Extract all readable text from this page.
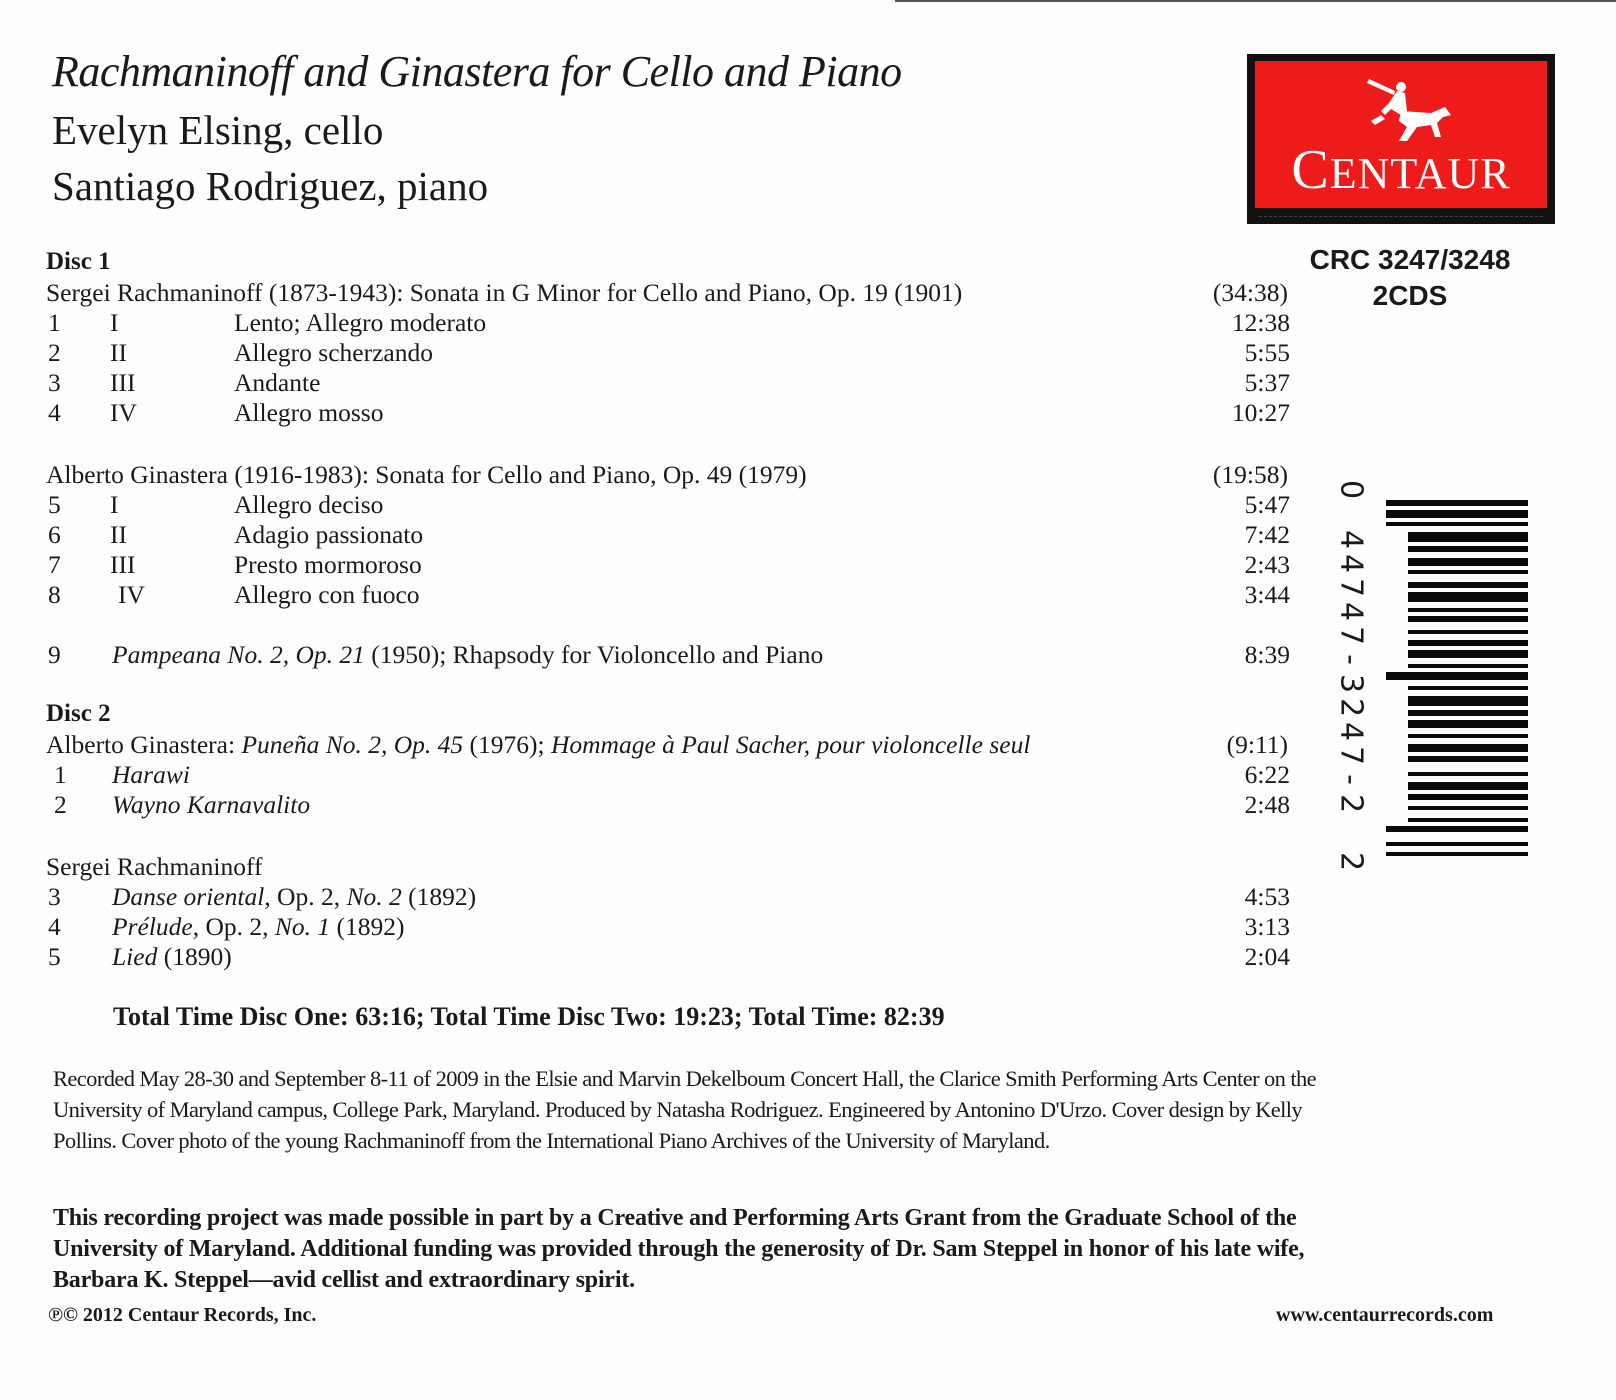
Rachmaninoff and Ginastera for Cello and Piano
Evelyn Elsing, cello
Santiago Rodriguez, piano	CENTAUR
CRC 3247/3248
2CDS
Disc 1
Sergei Rachmaninoff (1873-1943): Sonata in G Minor for Cello and Piano, Op. 19 (1901)	(34:38)
1 I	Lento; Allegro moderato	12:38
2 II	Allegro scherzando	5:55
3 III	Andante	5:37
4 IV	Allegro mosso	10:27
Alberto Ginastera (1916-1983): Sonata for Cello and Piano, Op. 49 (1979)	(19:58)
5 I	Allegro deciso	5:47
6 II	Adagio passionato	7:42
7 III	Presto mormoroso	2:43
8 IV	Allegro con fuoco	3:44
9 Pampeana No. 2, Op. 21 (1950); Rhapsody for Violoncello and Piano	8:39
Disc 2
Alberto Ginastera: Puneña No. 2, Op. 45 (1976); Hommage à Paul Sacher, pour violoncelle seul	(9:11)
1 Harawi	6:22
2 Wayno Karnavalito	2:48
Sergei Rachmaninoff
3 Danse oriental, Op. 2, No. 2 (1892)	4:53
4 Prélude, Op. 2, No. 1 (1892)	3:13
5 Lied (1890)	2:04
Total Time Disc One: 63:16; Total Time Disc Two: 19:23; Total Time: 82:39
Recorded May 28-30 and September 8-11 of 2009 in the Elsie and Marvin Dekelboum Concert Hall, the Clarice Smith Performing Arts Center on the University of Maryland campus, College Park, Maryland. Produced by Natasha Rodriguez. Engineered by Antonino D'Urzo. Cover design by Kelly Pollins. Cover photo of the young Rachmaninoff from the International Piano Archives of the University of Maryland.
This recording project was made possible in part by a Creative and Performing Arts Grant from the Graduate School of the University of Maryland. Additional funding was provided through the generosity of Dr. Sam Steppel in honor of his late wife, Barbara K. Steppel—avid cellist and extraordinary spirit.
℗© 2012 Centaur Records, Inc.	www.centaurrecords.com
0
4
4
7
4
7
-
3
2
4
7
-
2
2
